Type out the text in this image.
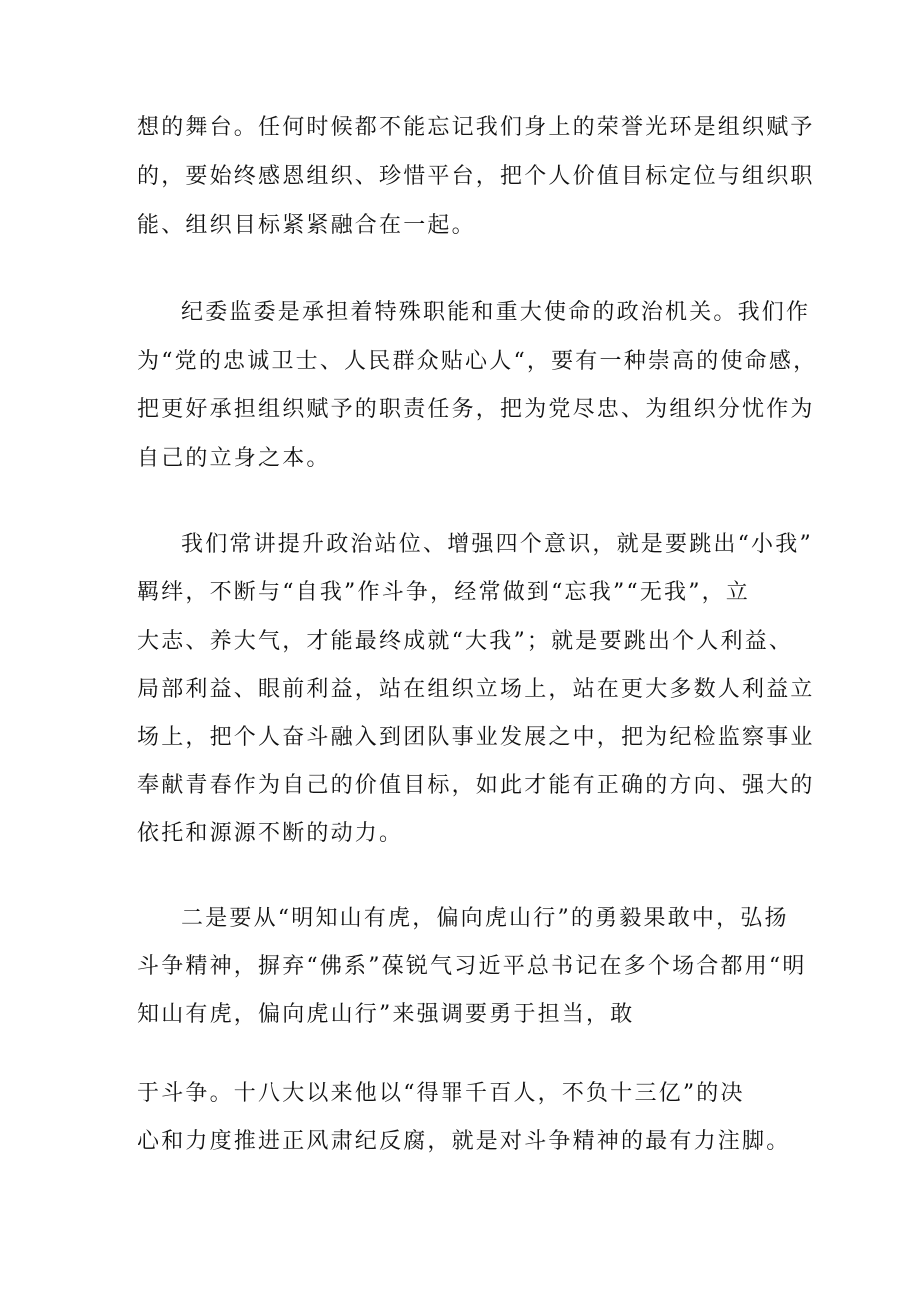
想的舞台。任何时候都不能忘记我们身上的荣誉光环是组织赋予
的，要始终感恩组织、珍惜平台，把个人价值目标定位与组织职
能、组织目标紧紧融合在一起。
纪委监委是承担着特殊职能和重大使命的政治机关。我们作
为“党的忠诚卫士、人民群众贴心人“，要有一种崇高的使命感，
把更好承担组织赋予的职责任务，把为党尽忠、为组织分忧作为
自己的立身之本。
我们常讲提升政治站位、增强四个意识，就是要跳出“小我”
羁绊，不断与“自我”作斗争，经常做到“忘我”“无我”，立
大志、养大气，才能最终成就“大我”；就是要跳出个人利益、
局部利益、眼前利益，站在组织立场上，站在更大多数人利益立
场上，把个人奋斗融入到团队事业发展之中，把为纪检监察事业
奉献青春作为自己的价值目标，如此才能有正确的方向、强大的
依托和源源不断的动力。
二是要从“明知山有虎，偏向虎山行”的勇毅果敢中，弘扬
斗争精神，摒弃“佛系”葆锐气习近平总书记在多个场合都用“明
知山有虎，偏向虎山行”来强调要勇于担当，敢
于斗争。十八大以来他以“得罪千百人，不负十三亿”的决
心和力度推进正风肃纪反腐，就是对斗争精神的最有力注脚。
